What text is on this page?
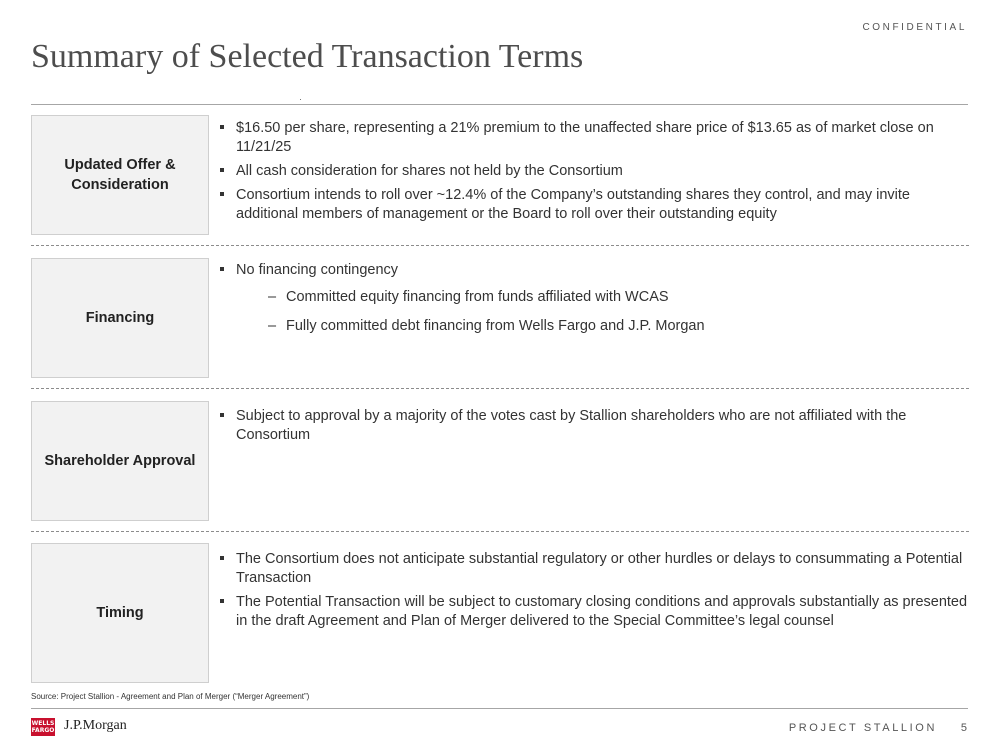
CONFIDENTIAL
Summary of Selected Transaction Terms
Updated Offer & Consideration
$16.50 per share, representing a 21% premium to the unaffected share price of $13.65 as of market close on 11/21/25
All cash consideration for shares not held by the Consortium
Consortium intends to roll over ~12.4% of the Company’s outstanding shares they control, and may invite additional members of management or the Board to roll over their outstanding equity
Financing
No financing contingency
– Committed equity financing from funds affiliated with WCAS
– Fully committed debt financing from Wells Fargo and J.P. Morgan
Shareholder Approval
Subject to approval by a majority of the votes cast by Stallion shareholders who are not affiliated with the Consortium
Timing
The Consortium does not anticipate substantial regulatory or other hurdles or delays to consummating a Potential Transaction
The Potential Transaction will be subject to customary closing conditions and approvals substantially as presented in the draft Agreement and Plan of Merger delivered to the Special Committee’s legal counsel
Source: Project Stallion - Agreement and Plan of Merger (“Merger Agreement”)
WELLS
FARGO J.P.Morgan	PROJECT STALLION 5
